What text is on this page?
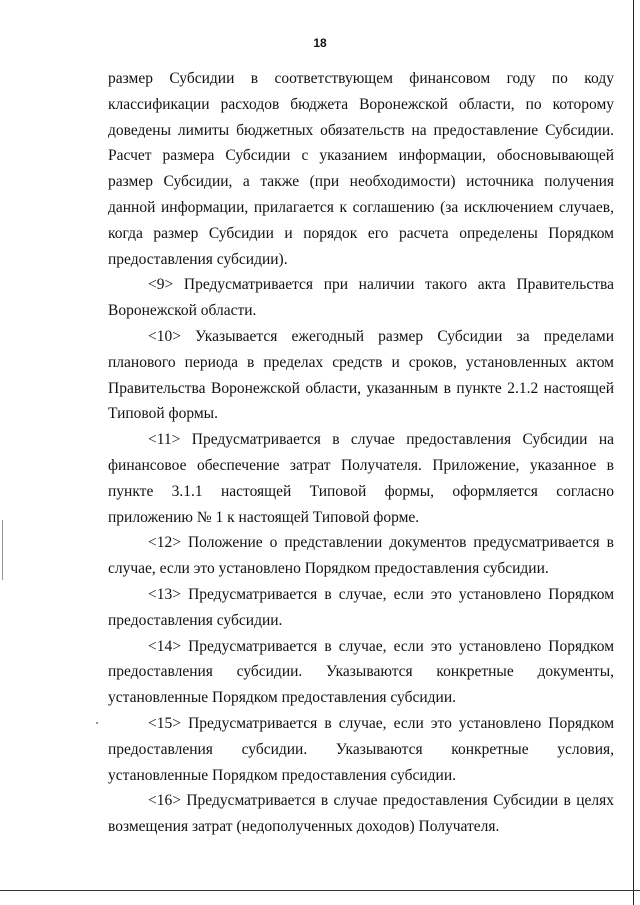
18

размер Субсидии в соответствующем финансовом году по коду классификации расходов бюджета Воронежской области, по которому доведены лимиты бюджетных обязательств на предоставление Субсидии. Расчет размера Субсидии с указанием информации, обосновывающей размер Субсидии, а также (при необходимости) источника получения данной информации, прилагается к соглашению (за исключением случаев, когда размер Субсидии и порядок его расчета определены Порядком предоставления субсидии).

<9> Предусматривается при наличии такого акта Правительства Воронежской области.

<10> Указывается ежегодный размер Субсидии за пределами планового периода в пределах средств и сроков, установленных актом Правительства Воронежской области, указанным в пункте 2.1.2 настоящей Типовой формы.

<11> Предусматривается в случае предоставления Субсидии на финансовое обеспечение затрат Получателя. Приложение, указанное в пункте 3.1.1 настоящей Типовой формы, оформляется согласно приложению № 1 к настоящей Типовой форме.

<12> Положение о представлении документов предусматривается в случае, если это установлено Порядком предоставления субсидии.

<13> Предусматривается в случае, если это установлено Порядком предоставления субсидии.

<14> Предусматривается в случае, если это установлено Порядком предоставления субсидии. Указываются конкретные документы, установленные Порядком предоставления субсидии.

<15> Предусматривается в случае, если это установлено Порядком предоставления субсидии. Указываются конкретные условия, установленные Порядком предоставления субсидии.

<16> Предусматривается в случае предоставления Субсидии в целях возмещения затрат (недополученных доходов) Получателя.
